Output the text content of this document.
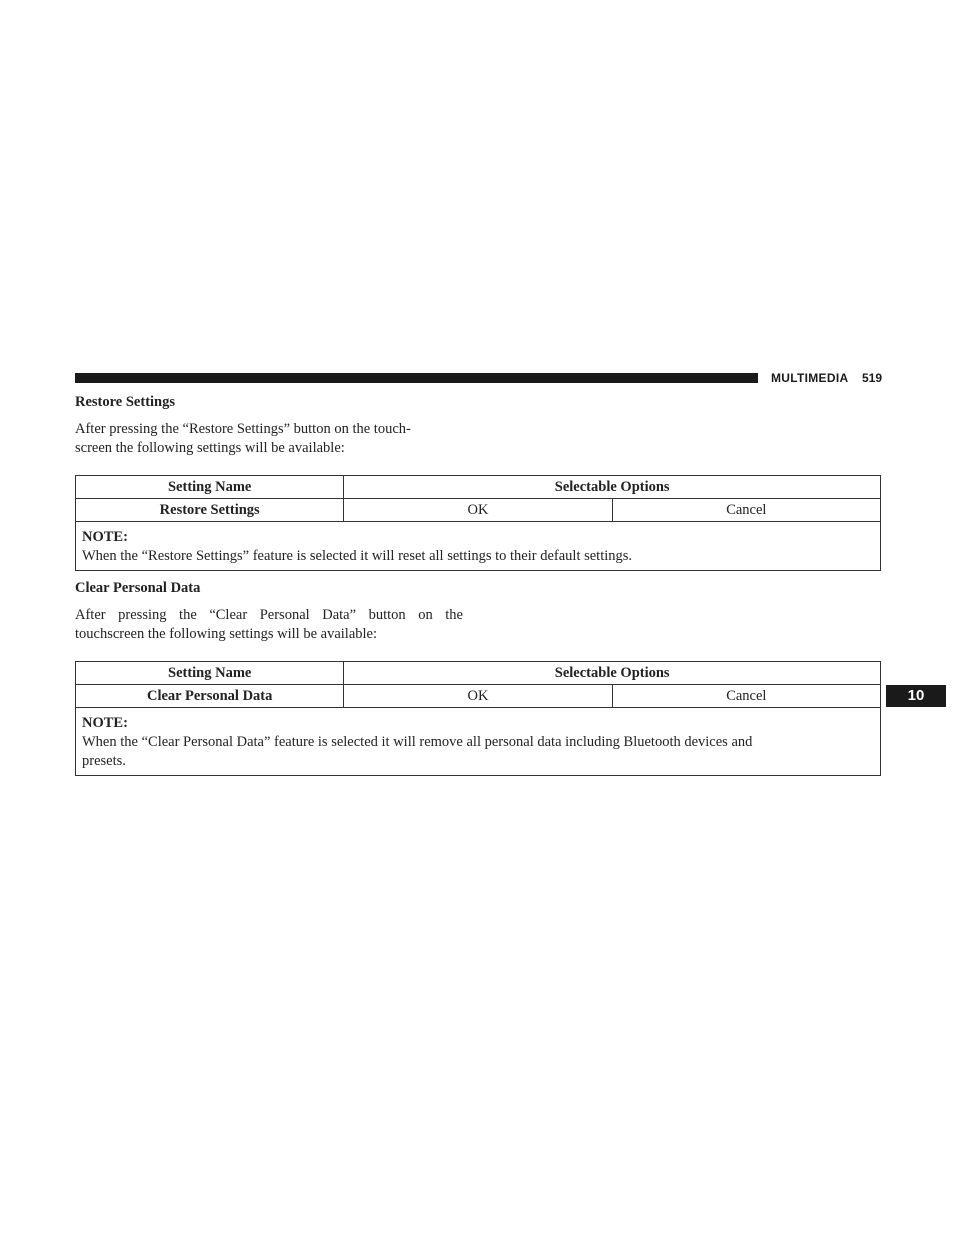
MULTIMEDIA 519
10
Restore Settings
After pressing the “Restore Settings” button on the touch-
screen the following settings will be available:
Setting Name	Selectable Options	
Restore Settings	OK	Cancel

NOTE:
When the “Restore Settings” feature is selected it will reset all settings to their default settings.		
Clear Personal Data
After pressing the “Clear Personal Data” button on the
touchscreen the following settings will be available:
Setting Name	Selectable Options	
Clear Personal Data	OK	Cancel

NOTE:
When the “Clear Personal Data” feature is selected it will remove all personal data including Bluetooth devices and
presets.		
